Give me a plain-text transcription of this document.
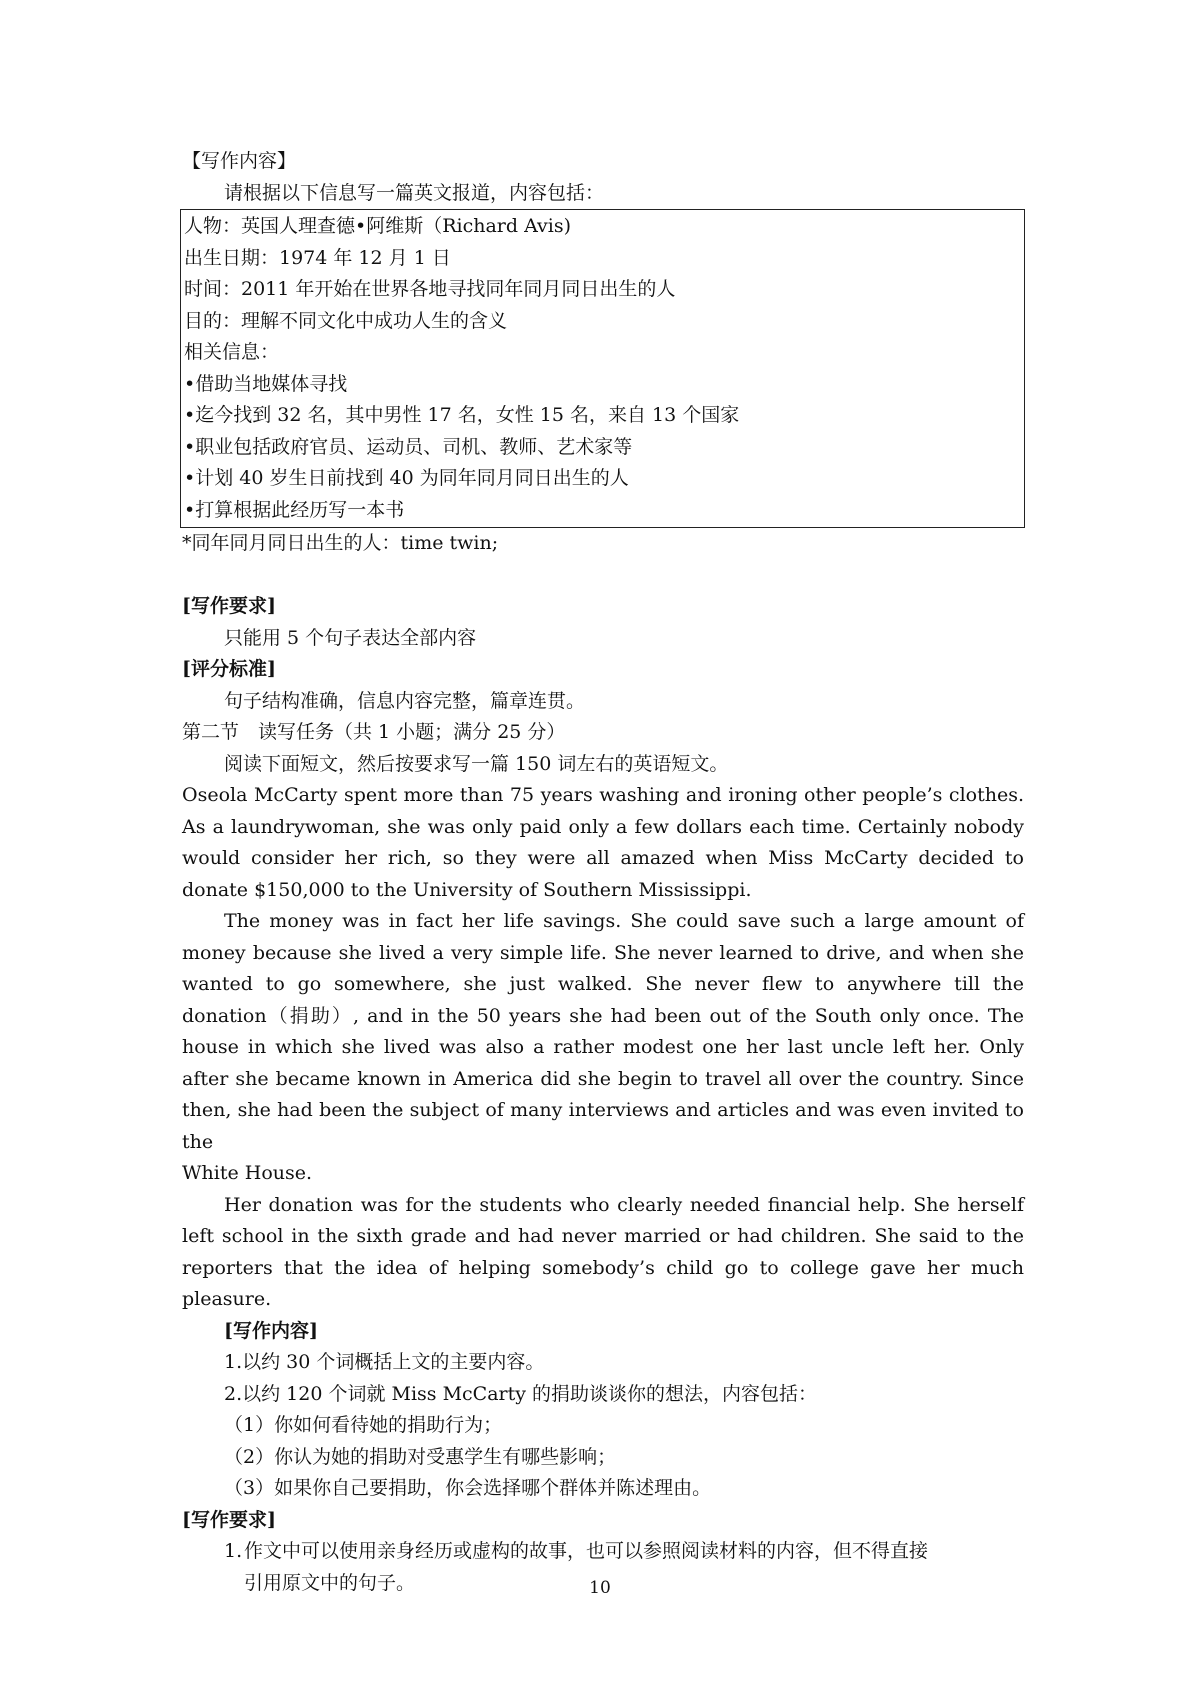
【写作内容】

请根据以下信息写一篇英文报道，内容包括：

人物：英国人理查德•阿维斯（Richard Avis)

出生日期：1974 年 12 月 1 日

时间：2011 年开始在世界各地寻找同年同月同日出生的人

目的：理解不同文化中成功人生的含义

相关信息：

•借助当地媒体寻找

•迄今找到 32 名，其中男性 17 名，女性 15 名，来自 13 个国家

•职业包括政府官员、运动员、司机、教师、艺术家等

•计划 40 岁生日前找到 40 为同年同月同日出生的人

•打算根据此经历写一本书

*同年同月同日出生的人：time twin;

[写作要求]

只能用 5 个句子表达全部内容

[评分标准]

句子结构准确，信息内容完整，篇章连贯。

第二节　读写任务（共 1 小题；满分 25 分）

阅读下面短文，然后按要求写一篇 150 词左右的英语短文。

Oseola McCarty spent more than 75 years washing and ironing other people’s clothes. As a laundrywoman, she was only paid only a few dollars each time. Certainly nobody would consider her rich, so they were all amazed when Miss McCarty decided to donate $150,000 to the University of Southern Mississippi.

The money was in fact her life savings. She could save such a large amount of money because she lived a very simple life. She never learned to drive, and when she wanted to go somewhere, she just walked. She never flew to anywhere till the donation（捐助）, and in the 50 years she had been out of the South only once. The house in which she lived was also a rather modest one her last uncle left her. Only after she became known in America did she begin to travel all over the country. Since then, she had been the subject of many interviews and articles and was even invited to the

White House.

Her donation was for the students who clearly needed financial help. She herself left school in the sixth grade and had never married or had children. She said to the reporters that the idea of helping somebody’s child go to college gave her much pleasure.

[写作内容]

1.以约 30 个词概括上文的主要内容。

2.以约 120 个词就 Miss McCarty 的捐助谈谈你的想法，内容包括：

（1）你如何看待她的捐助行为；

（2）你认为她的捐助对受惠学生有哪些影响；

（3）如果你自己要捐助，你会选择哪个群体并陈述理由。

[写作要求]

1.作文中可以使用亲身经历或虚构的故事，也可以参照阅读材料的内容，但不得直接

引用原文中的句子。	10
